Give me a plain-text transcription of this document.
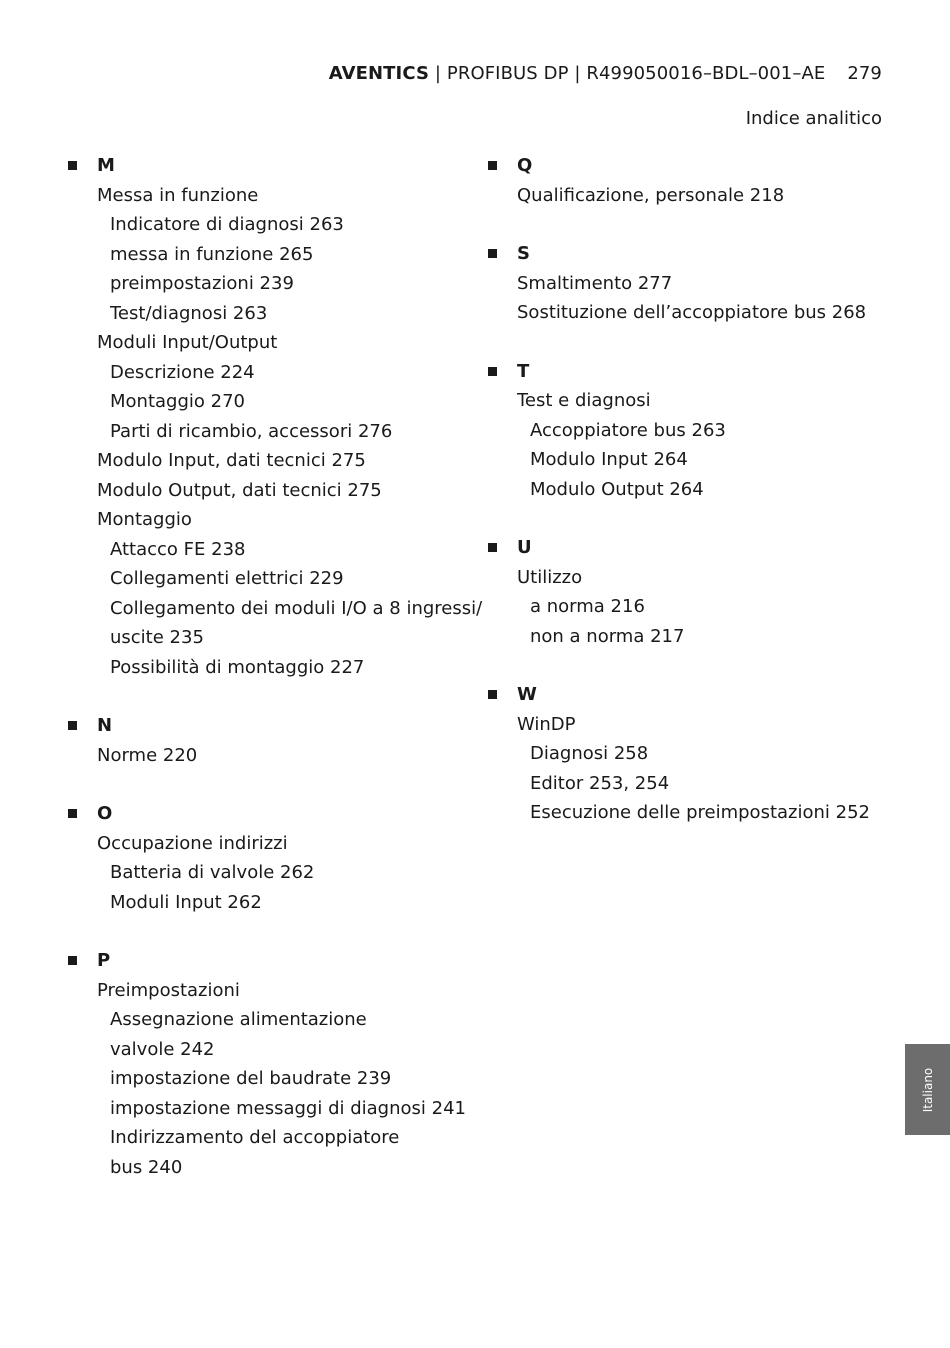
AVENTICS | PROFIBUS DP | R499050016–BDL–001–AE 279
Indice analitico
M
Messa in funzione
Indicatore di diagnosi 263
messa in funzione 265
preimpostazioni 239
Test/diagnosi 263
Moduli Input/Output
Descrizione 224
Montaggio 270
Parti di ricambio, accessori 276
Modulo Input, dati tecnici 275
Modulo Output, dati tecnici 275
Montaggio
Attacco FE 238
Collegamenti elettrici 229
Collegamento dei moduli I/O a 8 ingressi/
uscite 235
Possibilità di montaggio 227
N
Norme 220
O
Occupazione indirizzi
Batteria di valvole 262
Moduli Input 262
P
Preimpostazioni
Assegnazione alimentazione
valvole 242
impostazione del baudrate 239
impostazione messaggi di diagnosi 241
Indirizzamento del accoppiatore
bus 240
Q
Qualificazione, personale 218
S
Smaltimento 277
Sostituzione dell’accoppiatore bus 268
T
Test e diagnosi
Accoppiatore bus 263
Modulo Input 264
Modulo Output 264
U
Utilizzo
a norma 216
non a norma 217
W
WinDP
Diagnosi 258
Editor 253, 254
Esecuzione delle preimpostazioni 252
Italiano
